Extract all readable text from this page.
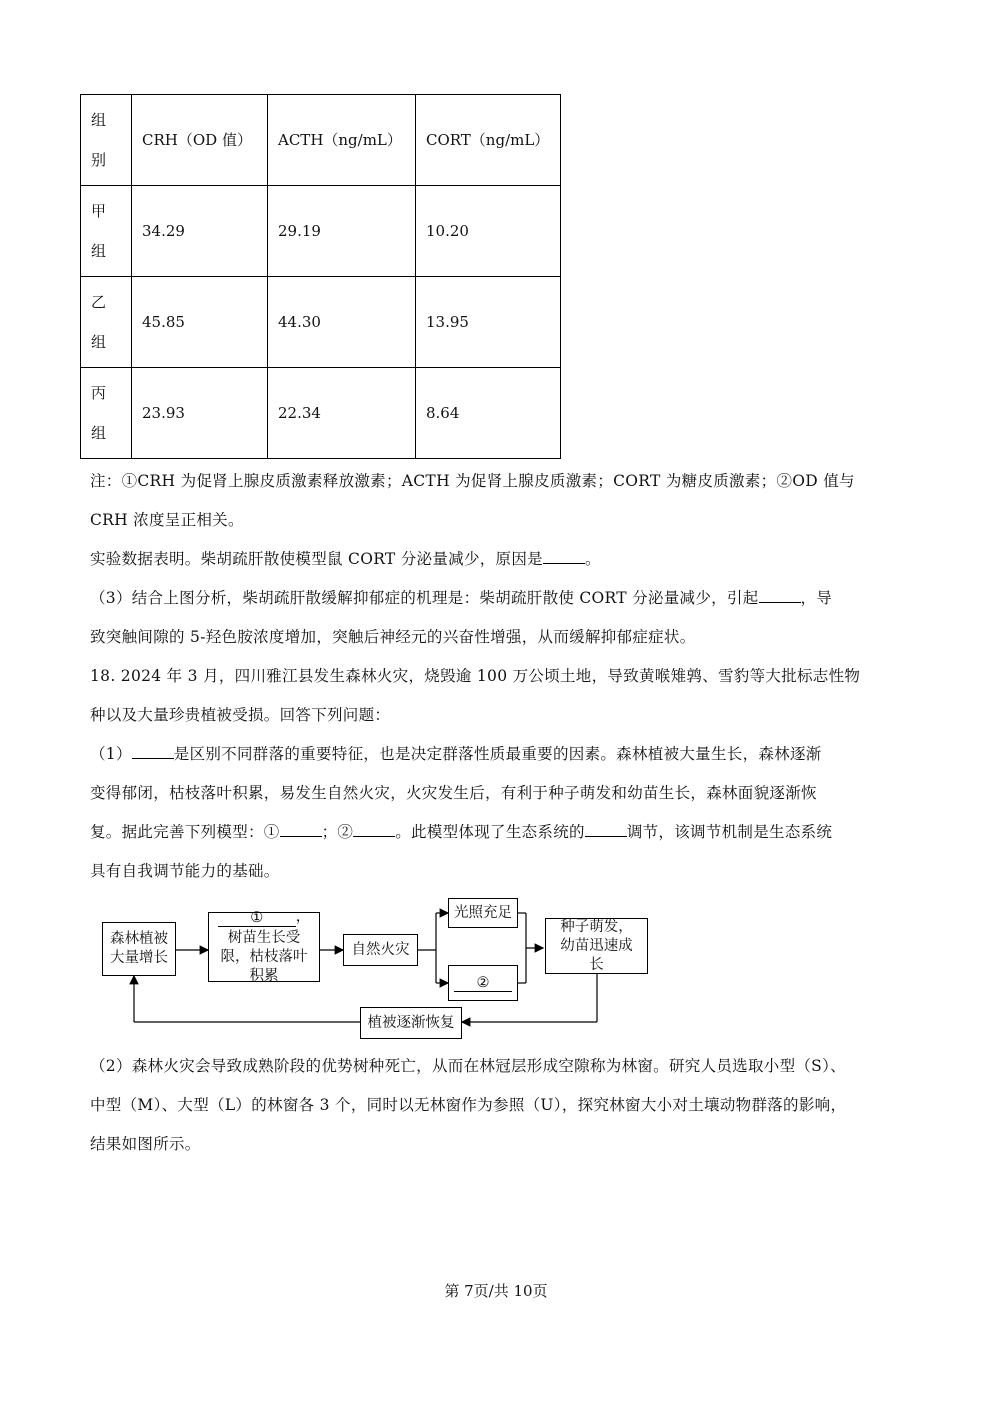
组别	CRH（OD 值）	ACTH（ng/mL）	CORT（ng/mL）

甲组	34.29	29.19	10.20

乙组	45.85	44.30	13.95

丙组	23.93	22.34	8.64
注：①CRH 为促肾上腺皮质激素释放激素；ACTH 为促肾上腺皮质激素；CORT 为糖皮质激素；②OD 值与
CRH 浓度呈正相关。
实验数据表明。柴胡疏肝散使模型鼠 CORT 分泌量减少，原因是	。
（3）结合上图分析，柴胡疏肝散缓解抑郁症的机理是：柴胡疏肝散使 CORT 分泌量减少，引起	，导
致突触间隙的 5-羟色胺浓度增加，突触后神经元的兴奋性增强，从而缓解抑郁症症状。
18. 2024 年 3 月，四川雅江县发生森林火灾，烧毁逾 100 万公顷土地，导致黄喉雉鹑、雪豹等大批标志性物
种以及大量珍贵植被受损。回答下列问题：
（1）	是区别不同群落的重要特征，也是决定群落性质最重要的因素。森林植被大量生长，森林逐渐
变得郁闭，枯枝落叶积累，易发生自然火灾，火灾发生后，有利于种子萌发和幼苗生长，森林面貌逐渐恢
复。据此完善下列模型：①	；②	。此模型体现了生态系统的	调节，该调节机制是生态系统
具有自我调节能力的基础。
森林植被大量增长
①	，
树苗生长受限，枯枝落叶积累
自然火灾
光照充足
②
种子萌发，幼苗迅速成长
植被逐渐恢复
（2）森林火灾会导致成熟阶段的优势树种死亡，从而在林冠层形成空隙称为林窗。研究人员选取小型（S）、
中型（M）、大型（L）的林窗各 3 个，同时以无林窗作为参照（U），探究林窗大小对土壤动物群落的影响，
结果如图所示。
第 7页/共 10页
